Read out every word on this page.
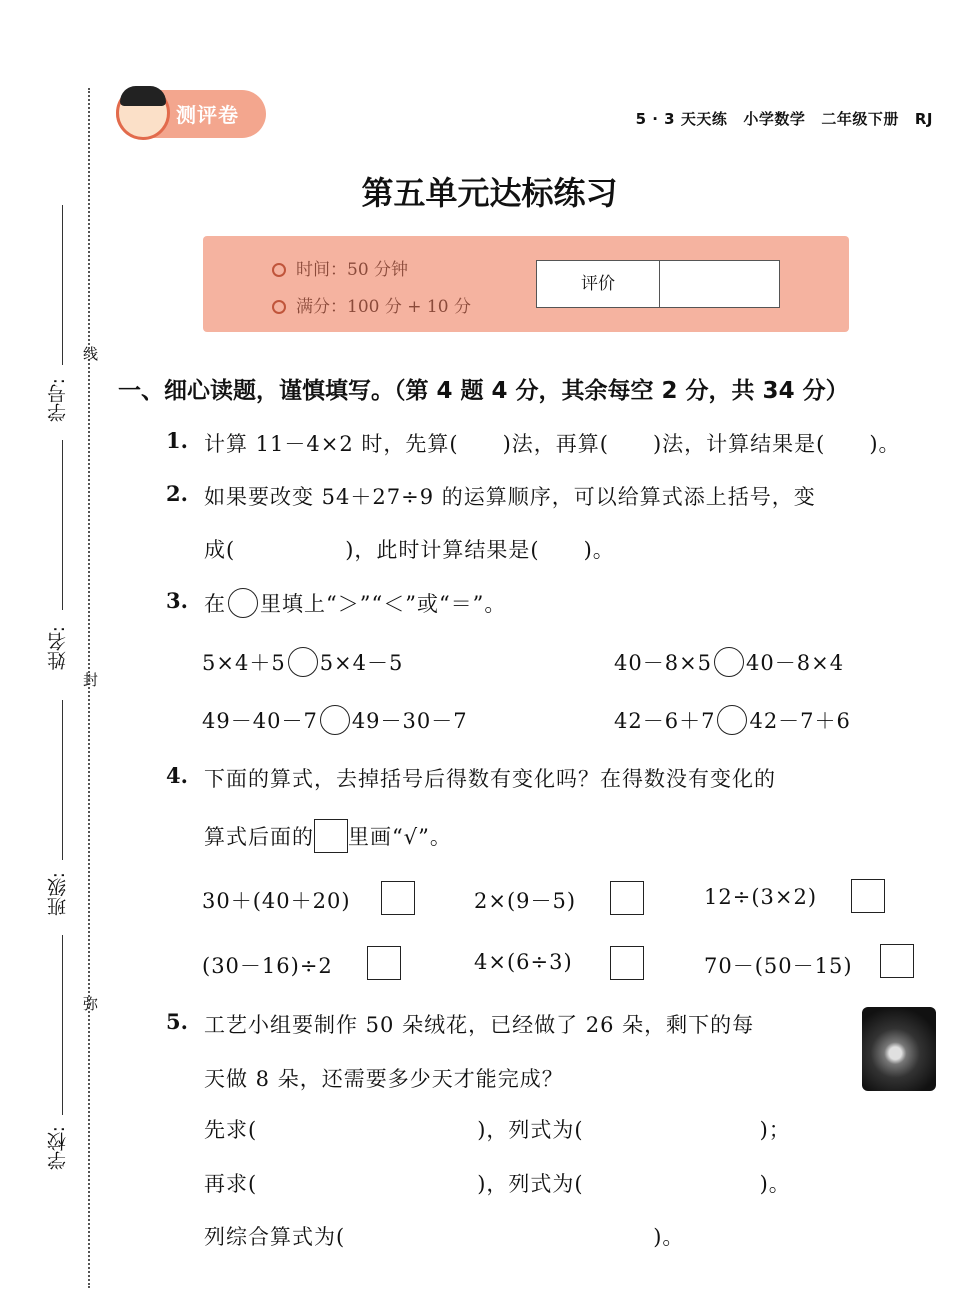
学号:
姓名:
班级:
学校:
线
封
弥
测评卷	5 · 3 天天练 小学数学 二年级下册 RJ
第五单元达标练习
时间：50 分钟
满分：100 分 + 10 分
评价
一、细心读题，谨慎填写。（第 4 题 4 分，其余每空 2 分，共 34 分）
1. 计算 11－4×2 时，先算(　　)法，再算(　　)法，计算结果是(　　)。
2. 如果要改变 54＋27÷9 的运算顺序，可以给算式添上括号，变
成(　　　　　)，此时计算结果是(　　)。
3. 在 里填上“＞”“＜”或“＝”。
5×4＋5 5×4－5	40－8×5 40－8×4
49－40－7 49－30－7	42－6＋7 42－7＋6
4. 下面的算式，去掉括号后得数有变化吗？在得数没有变化的
算式后面的 里画“√”。
30＋(40＋20)	2×(9－5)	12÷(3×2)
(30－16)÷2	4×(6÷3)	70－(50－15)
5. 工艺小组要制作 50 朵绒花，已经做了 26 朵，剩下的每
天做 8 朵，还需要多少天才能完成？
先求(　　　　　　　　　　)，列式为(　　　　　　　　)；
再求(　　　　　　　　　　)，列式为(　　　　　　　　)。
列综合算式为(　　　　　　　　　　　　　　)。
